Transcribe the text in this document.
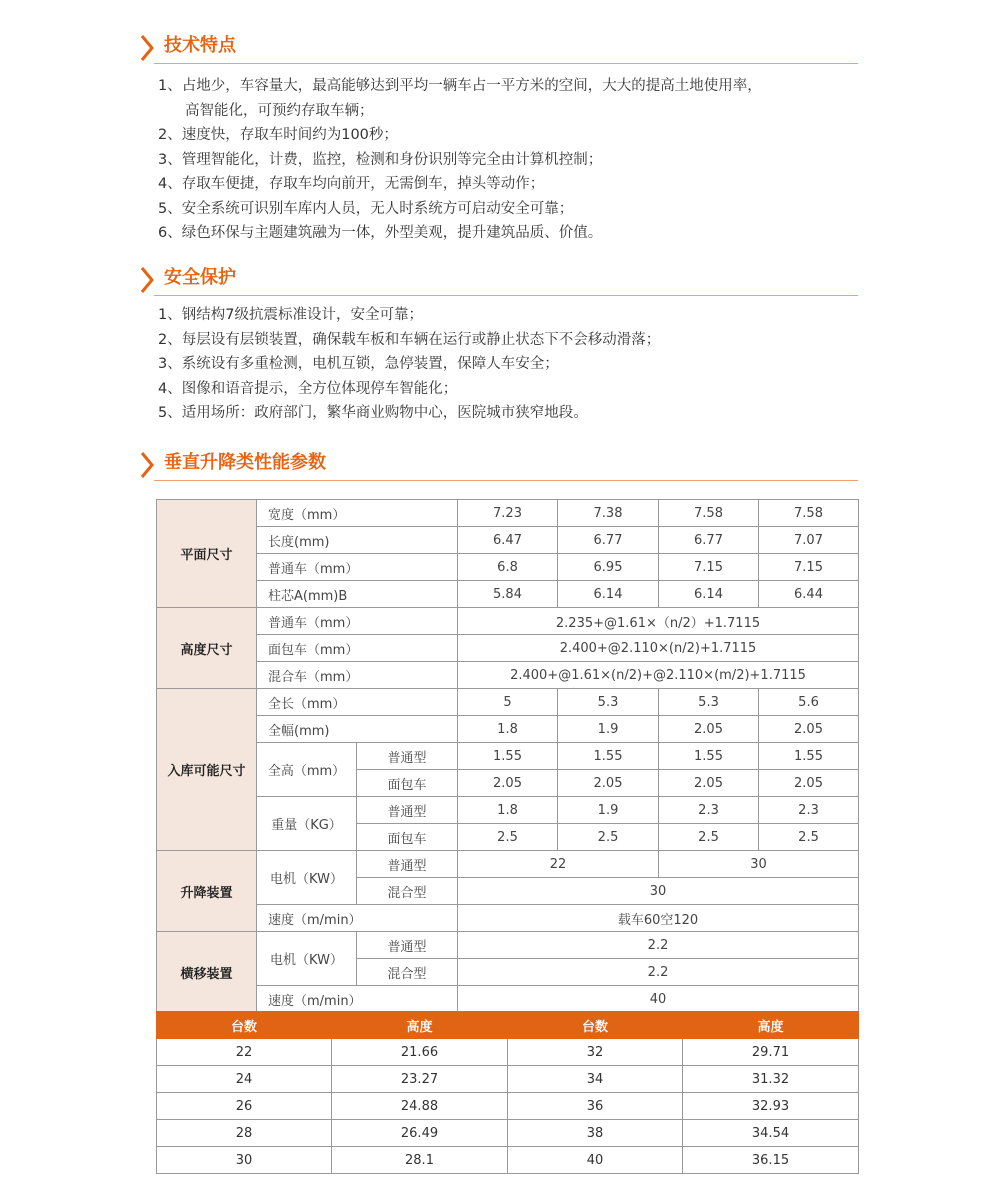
技术特点
1、占地少，车容量大，最高能够达到平均一辆车占一平方米的空间，大大的提高土地使用率，
高智能化，可预约存取车辆；
2、速度快，存取车时间约为100秒；
3、管理智能化，计费，监控，检测和身份识别等完全由计算机控制；
4、存取车便捷，存取车均向前开，无需倒车，掉头等动作；
5、安全系统可识别车库内人员，无人时系统方可启动安全可靠；
6、绿色环保与主题建筑融为一体，外型美观，提升建筑品质、价值。
安全保护
1、钢结构7级抗震标准设计，安全可靠；
2、每层设有层锁装置，确保载车板和车辆在运行或静止状态下不会移动滑落；
3、系统设有多重检测，电机互锁，急停装置，保障人车安全；
4、图像和语音提示，全方位体现停车智能化；
5、适用场所：政府部门，繁华商业购物中心，医院城市狭窄地段。
垂直升降类性能参数
平面尺寸	宽度（mm）		7.23	7.38	7.58	7.58
	长度(mm)		6.47	6.77	6.77	7.07
	普通车（mm）		6.8	6.95	7.15	7.15
	柱芯A(mm)B		5.84	6.14	6.14	6.44
高度尺寸	普通车（mm）		2.235+@1.61×（n/2）+1.7115			
	面包车（mm）		2.400+@2.110×(n/2)+1.7115			
	混合车（mm）		2.400+@1.61×(n/2)+@2.110×(m/2)+1.7115			
入库可能尺寸	全长（mm）		5	5.3	5.3	5.6
	全幅(mm)		1.8	1.9	2.05	2.05
	全高（mm）	普通型	1.55	1.55	1.55	1.55
		面包车	2.05	2.05	2.05	2.05
	重量（KG）	普通型	1.8	1.9	2.3	2.3
		面包车	2.5	2.5	2.5	2.5
升降装置	电机（KW）	普通型	22		30	
		混合型	30			
	速度（m/min）		载车60空120			
横移装置	电机（KW）	普通型	2.2			
		混合型	2.2			
	速度（m/min）		40			
台数	高度	台数	高度
22	21.66	32	29.71
24	23.27	34	31.32
26	24.88	36	32.93
28	26.49	38	34.54
30	28.1	40	36.15
